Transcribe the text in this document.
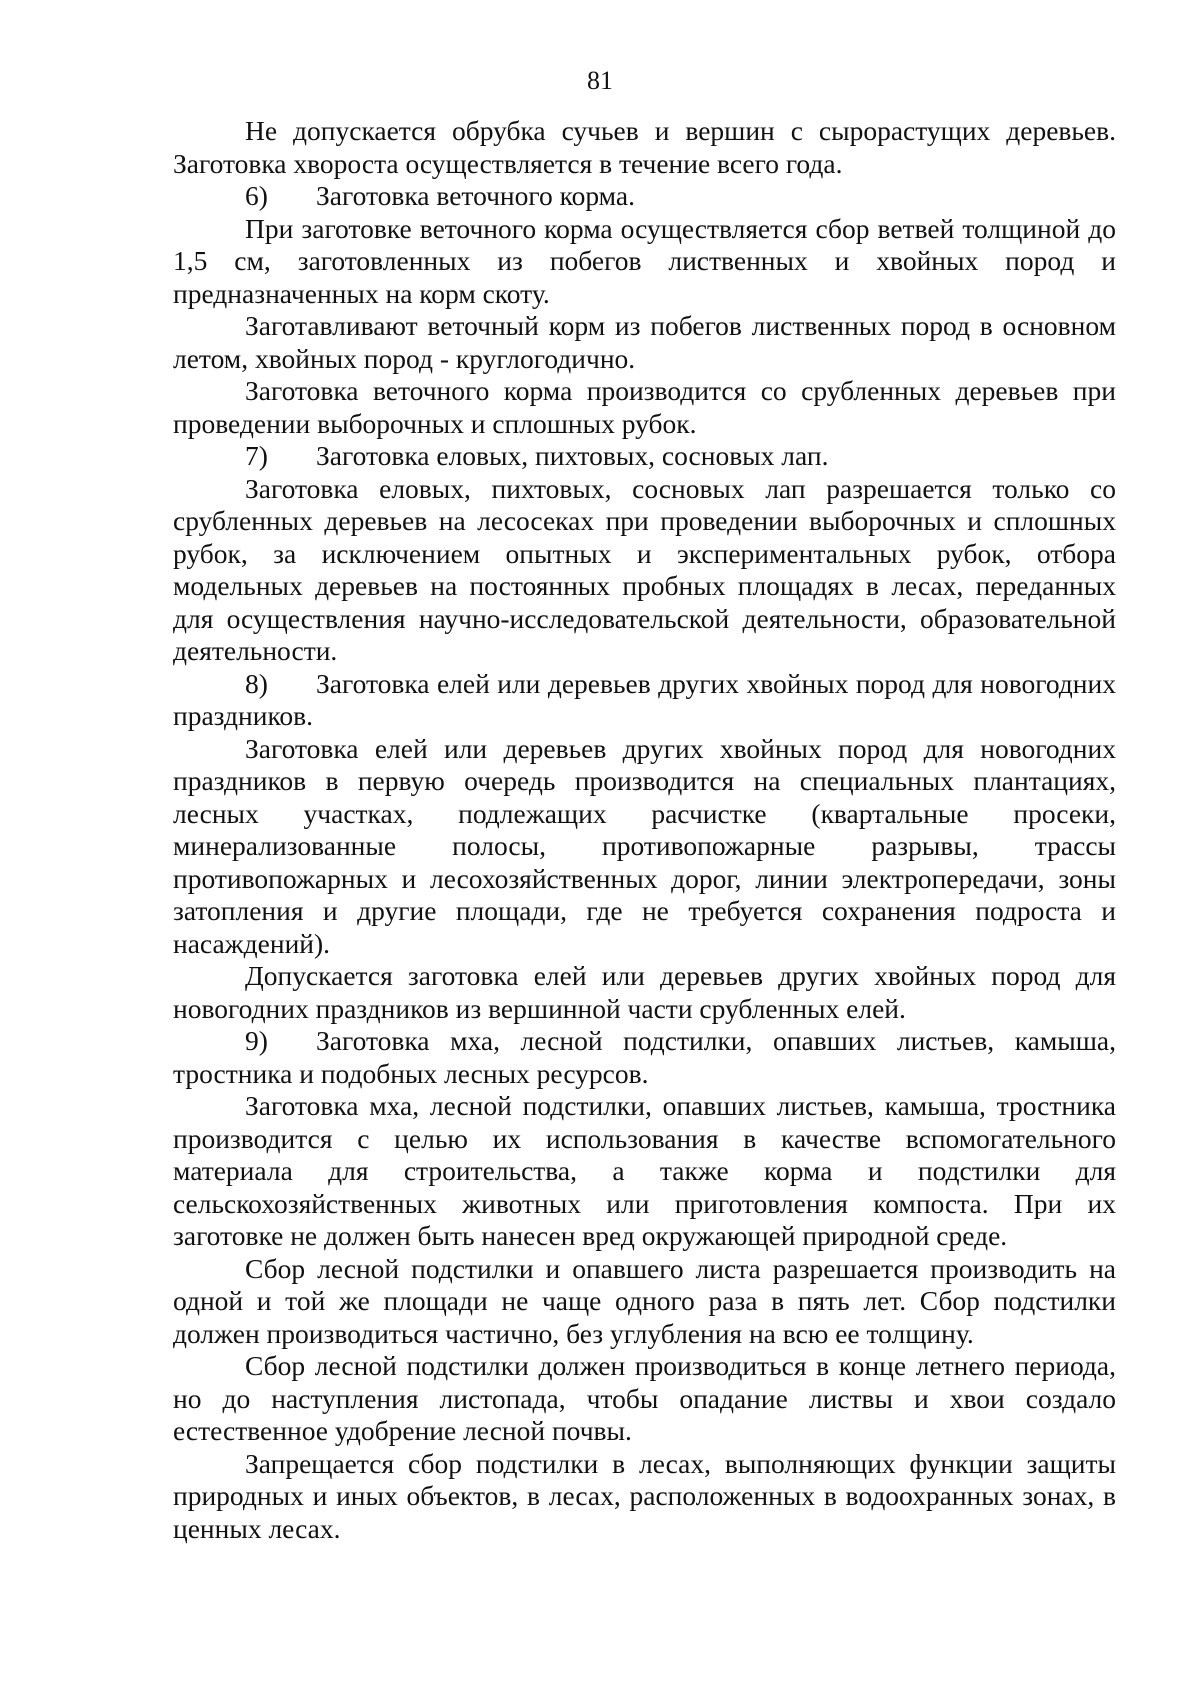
81

Не допускается обрубка сучьев и вершин с сырорастущих деревьев. Заготовка хвороста осуществляется в течение всего года.

6) Заготовка веточного корма.

При заготовке веточного корма осуществляется сбор ветвей толщиной до 1,5 см, заготовленных из побегов лиственных и хвойных пород и предназначенных на корм скоту.

Заготавливают веточный корм из побегов лиственных пород в основном летом, хвойных пород - круглогодично.

Заготовка веточного корма производится со срубленных деревьев при проведении выборочных и сплошных рубок.

7) Заготовка еловых, пихтовых, сосновых лап.

Заготовка еловых, пихтовых, сосновых лап разрешается только со срубленных деревьев на лесосеках при проведении выборочных и сплошных рубок, за исключением опытных и экспериментальных рубок, отбора модельных деревьев на постоянных пробных площадях в лесах, переданных для осуществления научно-исследовательской деятельности, образовательной деятельности.

8) Заготовка елей или деревьев других хвойных пород для новогодних праздников.

Заготовка елей или деревьев других хвойных пород для новогодних праздников в первую очередь производится на специальных плантациях, лесных участках, подлежащих расчистке (квартальные просеки, минерализованные полосы, противопожарные разрывы, трассы противопожарных и лесохозяйственных дорог, линии электропередачи, зоны затопления и другие площади, где не требуется сохранения подроста и насаждений).

Допускается заготовка елей или деревьев других хвойных пород для новогодних праздников из вершинной части срубленных елей.

9) Заготовка мха, лесной подстилки, опавших листьев, камыша, тростника и подобных лесных ресурсов.

Заготовка мха, лесной подстилки, опавших листьев, камыша, тростника производится с целью их использования в качестве вспомогательного материала для строительства, а также корма и подстилки для сельскохозяйственных животных или приготовления компоста. При их заготовке не должен быть нанесен вред окружающей природной среде.

Сбор лесной подстилки и опавшего листа разрешается производить на одной и той же площади не чаще одного раза в пять лет. Сбор подстилки должен производиться частично, без углубления на всю ее толщину.

Сбор лесной подстилки должен производиться в конце летнего периода, но до наступления листопада, чтобы опадание листвы и хвои создало естественное удобрение лесной почвы.

Запрещается сбор подстилки в лесах, выполняющих функции защиты природных и иных объектов, в лесах, расположенных в водоохранных зонах, в ценных лесах.
